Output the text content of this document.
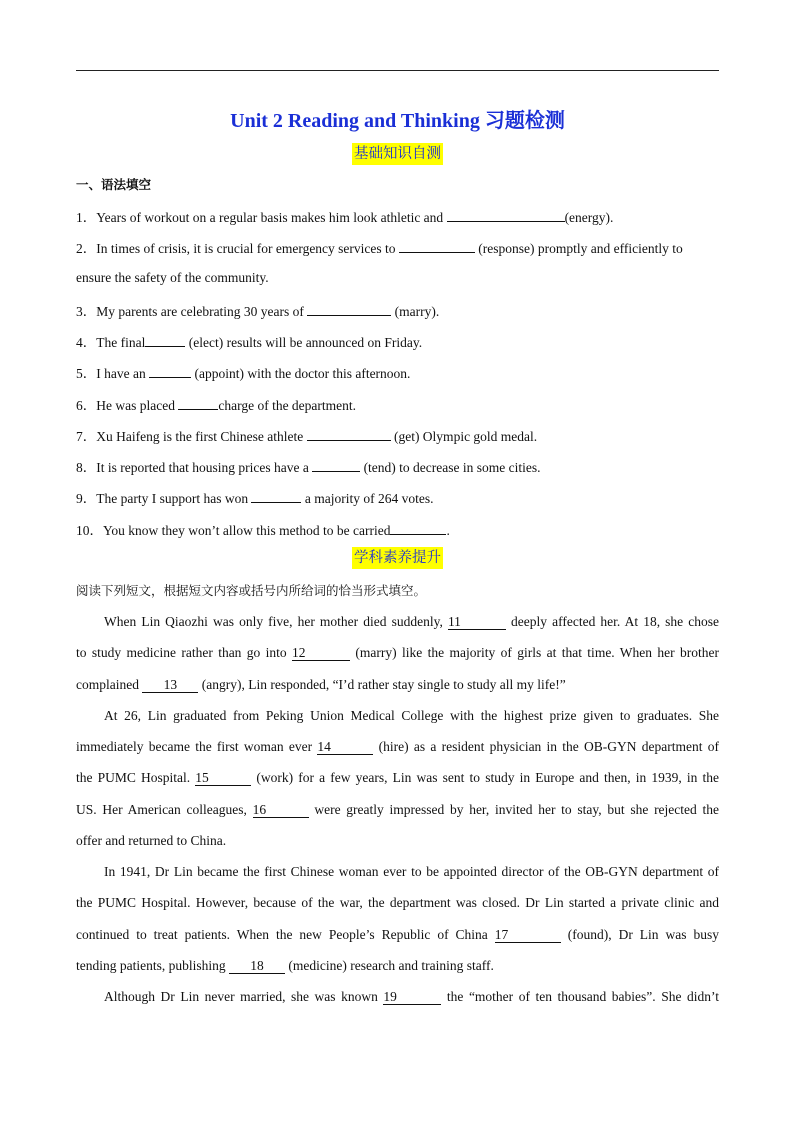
Unit 2 Reading and Thinking 习题检测
基础知识自测
一、语法填空
1．Years of workout on a regular basis makes him look athletic and	(energy).
2．In times of crisis, it is crucial for emergency services to	(response) promptly and efficiently to
ensure the safety of the community.
3．My parents are celebrating 30 years of	(marry).
4．The final	(elect) results will be announced on Friday.
5．I have an	(appoint) with the doctor this afternoon.
6．He was placed	charge of the department.
7．Xu Haifeng is the first Chinese athlete	(get) Olympic gold medal.
8．It is reported that housing prices have a	(tend) to decrease in some cities.
9．The party I support has won	a majority of 264 votes.
10．You know they won’t allow this method to be carried	.
学科素养提升
阅读下列短文，根据短文内容或括号内所给词的恰当形式填空。
When Lin Qiaozhi was only five, her mother died suddenly, 11	deeply affected her. At 18, she chose
to study medicine rather than go into 12	(marry) like the majority of girls at that time. When her brother
complained 13 (angry), Lin responded, “I’d rather stay single to study all my life!”
At 26, Lin graduated from Peking Union Medical College with the highest prize given to graduates. She
immediately became the first woman ever 14	(hire) as a resident physician in the OB-GYN department of
the PUMC Hospital. 15	(work) for a few years, Lin was sent to study in Europe and then, in 1939, in the
US. Her American colleagues, 16	were greatly impressed by her, invited her to stay, but she rejected the
offer and returned to China.
In 1941, Dr Lin became the first Chinese woman ever to be appointed director of the OB-GYN department of
the PUMC Hospital. However, because of the war, the department was closed. Dr Lin started a private clinic and
continued to treat patients. When the new People’s Republic of China 17	(found), Dr Lin was busy
tending patients, publishing 18 (medicine) research and training staff.
Although Dr Lin never married, she was known 19	the “mother of ten thousand babies”. She didn’t
